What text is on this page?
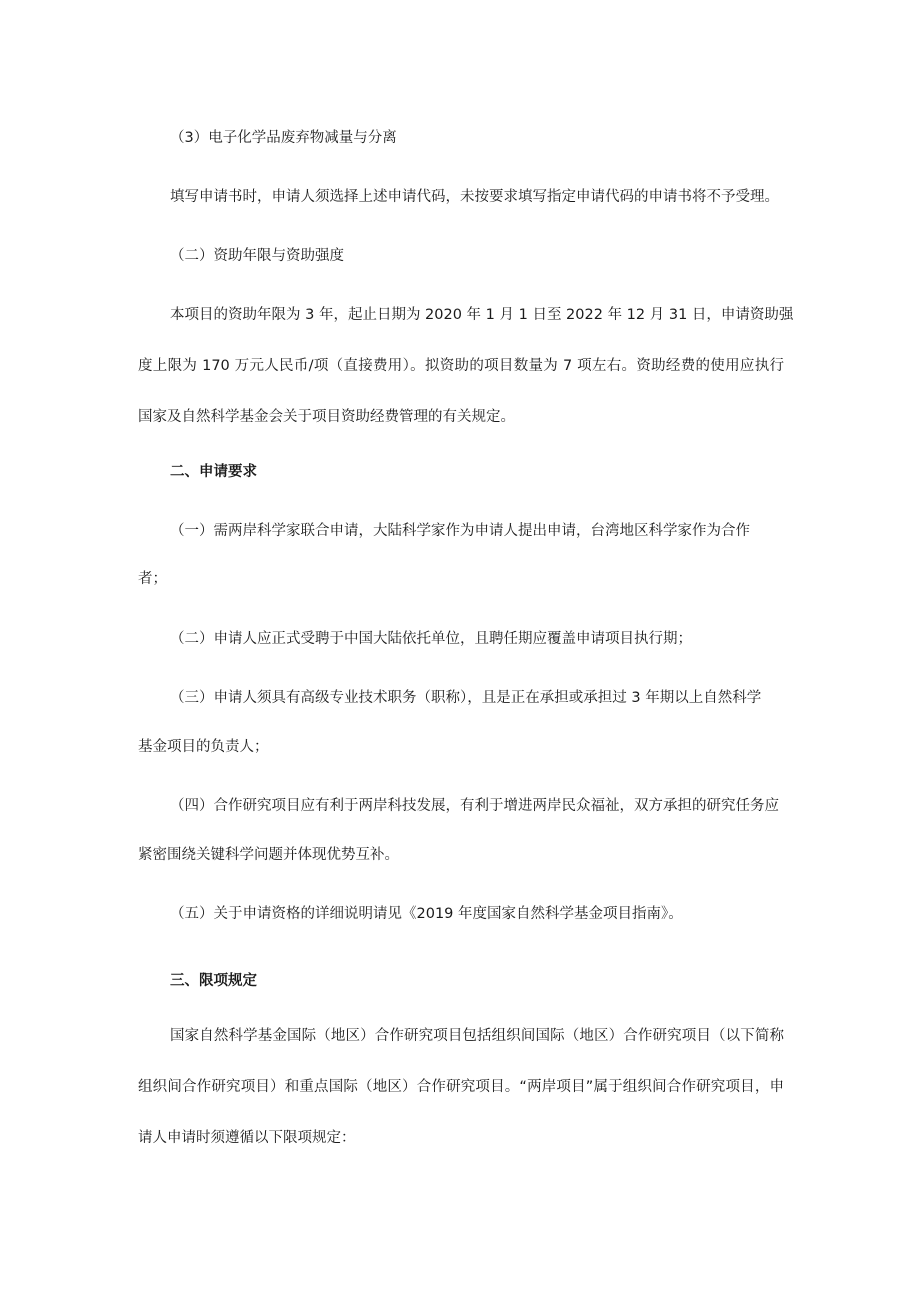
（3）电子化学品废弃物减量与分离

填写申请书时，申请人须选择上述申请代码，未按要求填写指定申请代码的申请书将不予受理。

（二）资助年限与资助强度

本项目的资助年限为 3 年，起止日期为 2020 年 1 月 1 日至 2022 年 12 月 31 日，申请资助强

度上限为 170 万元人民币/项（直接费用）。拟资助的项目数量为 7 项左右。资助经费的使用应执行

国家及自然科学基金会关于项目资助经费管理的有关规定。

二、申请要求

（一）需两岸科学家联合申请，大陆科学家作为申请人提出申请，台湾地区科学家作为合作

者；

（二）申请人应正式受聘于中国大陆依托单位，且聘任期应覆盖申请项目执行期；

（三）申请人须具有高级专业技术职务（职称），且是正在承担或承担过 3 年期以上自然科学

基金项目的负责人；

（四）合作研究项目应有利于两岸科技发展，有利于增进两岸民众福祉，双方承担的研究任务应

紧密围绕关键科学问题并体现优势互补。

（五）关于申请资格的详细说明请见《2019 年度国家自然科学基金项目指南》。

三、限项规定

国家自然科学基金国际（地区）合作研究项目包括组织间国际（地区）合作研究项目（以下简称

组织间合作研究项目）和重点国际（地区）合作研究项目。“两岸项目”属于组织间合作研究项目，申

请人申请时须遵循以下限项规定：
